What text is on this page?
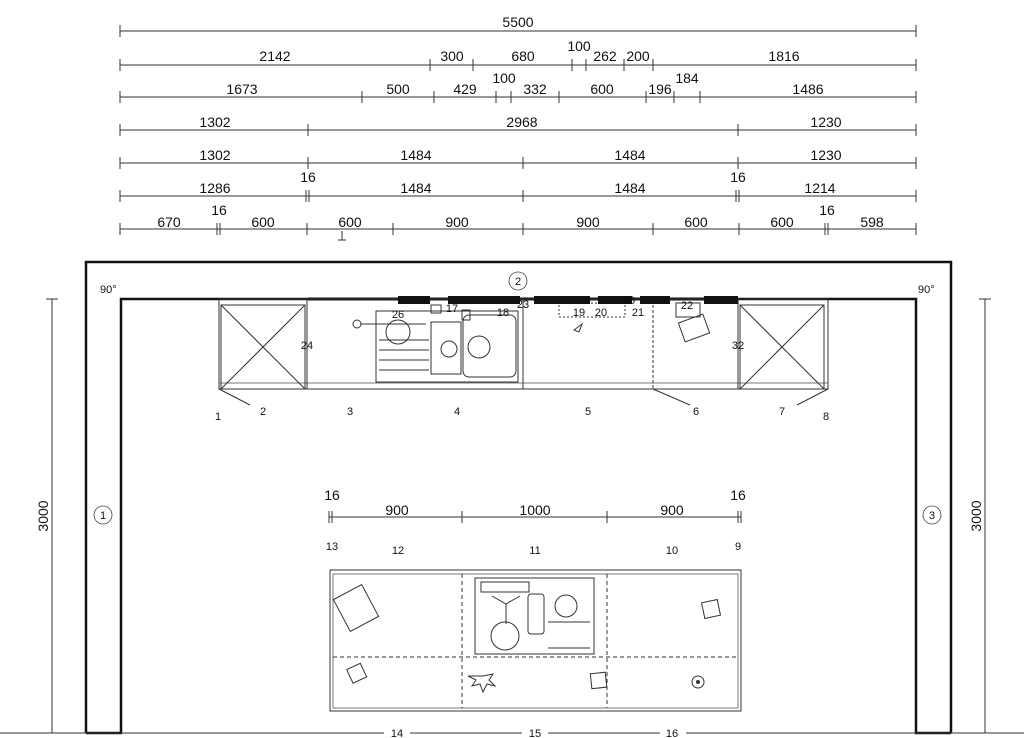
5500
2142	300	680
100
262 200	1816
1673	500	429
100
332	600 196
184
1486
1302	2968	1230
1302	1484	1484	1230
1286
16
1484	1484
16
1214
670
16
600	600	900	900	600	600
16
598
90°	90°
1
2
3
3000	3000
24
26
27
17	18
23
19 20 21
30	22
32
1	2	3	4	5	6	7	8
16
900	1000	900
16
13	12	11	10	9
14	15	16
